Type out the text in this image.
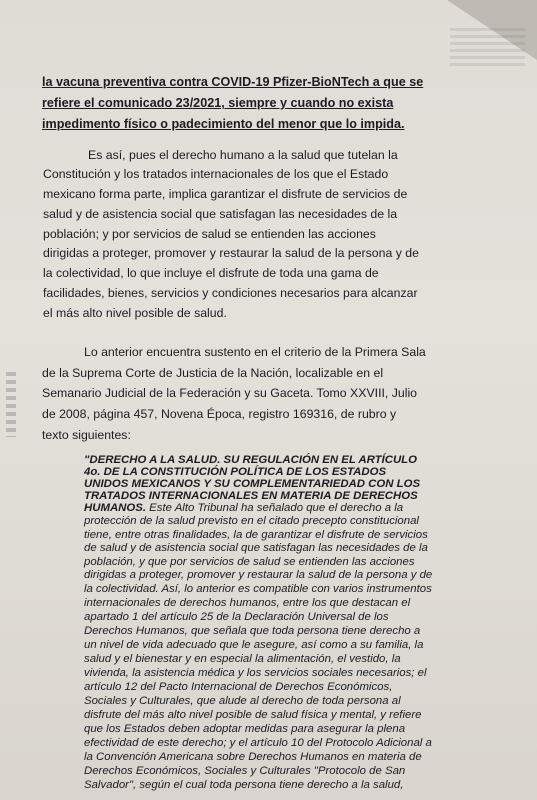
la vacuna preventiva contra COVID-19 Pfizer-BioNTech a que se
refiere el comunicado 23/2021, siempre y cuando no exista
impedimento físico o padecimiento del menor que lo impida.
Es así, pues el derecho humano a la salud que tutelan la
Constitución y los tratados internacionales de los que el Estado
mexicano forma parte, implica garantizar el disfrute de servicios de
salud y de asistencia social que satisfagan las necesidades de la
población; y por servicios de salud se entienden las acciones
dirigidas a proteger, promover y restaurar la salud de la persona y de
la colectividad, lo que incluye el disfrute de toda una gama de
facilidades, bienes, servicios y condiciones necesarios para alcanzar
el más alto nivel posible de salud.
Lo anterior encuentra sustento en el criterio de la Primera Sala
de la Suprema Corte de Justicia de la Nación, localizable en el
Semanario Judicial de la Federación y su Gaceta. Tomo XXVIII, Julio
de 2008, página 457, Novena Época, registro 169316, de rubro y
texto siguientes:
"DERECHO A LA SALUD. SU REGULACIÓN EN EL ARTÍCULO
4o. DE LA CONSTITUCIÓN POLÍTICA DE LOS ESTADOS
UNIDOS MEXICANOS Y SU COMPLEMENTARIEDAD CON LOS
TRATADOS INTERNACIONALES EN MATERIA DE DERECHOS
HUMANOS. Este Alto Tribunal ha señalado que el derecho a la
protección de la salud previsto en el citado precepto constitucional
tiene, entre otras finalidades, la de garantizar el disfrute de servicios
de salud y de asistencia social que satisfagan las necesidades de la
población, y que por servicios de salud se entienden las acciones
dirigidas a proteger, promover y restaurar la salud de la persona y de
la colectividad. Así, lo anterior es compatible con varios instrumentos
internacionales de derechos humanos, entre los que destacan el
apartado 1 del artículo 25 de la Declaración Universal de los
Derechos Humanos, que señala que toda persona tiene derecho a
un nivel de vida adecuado que le asegure, así como a su familia, la
salud y el bienestar y en especial la alimentación, el vestido, la
vivienda, la asistencia médica y los servicios sociales necesarios; el
artículo 12 del Pacto Internacional de Derechos Económicos,
Sociales y Culturales, que alude al derecho de toda persona al
disfrute del más alto nivel posible de salud física y mental, y refiere
que los Estados deben adoptar medidas para asegurar la plena
efectividad de este derecho; y el artículo 10 del Protocolo Adicional a
la Convención Americana sobre Derechos Humanos en materia de
Derechos Económicos, Sociales y Culturales "Protocolo de San
Salvador", según el cual toda persona tiene derecho a la salud,
